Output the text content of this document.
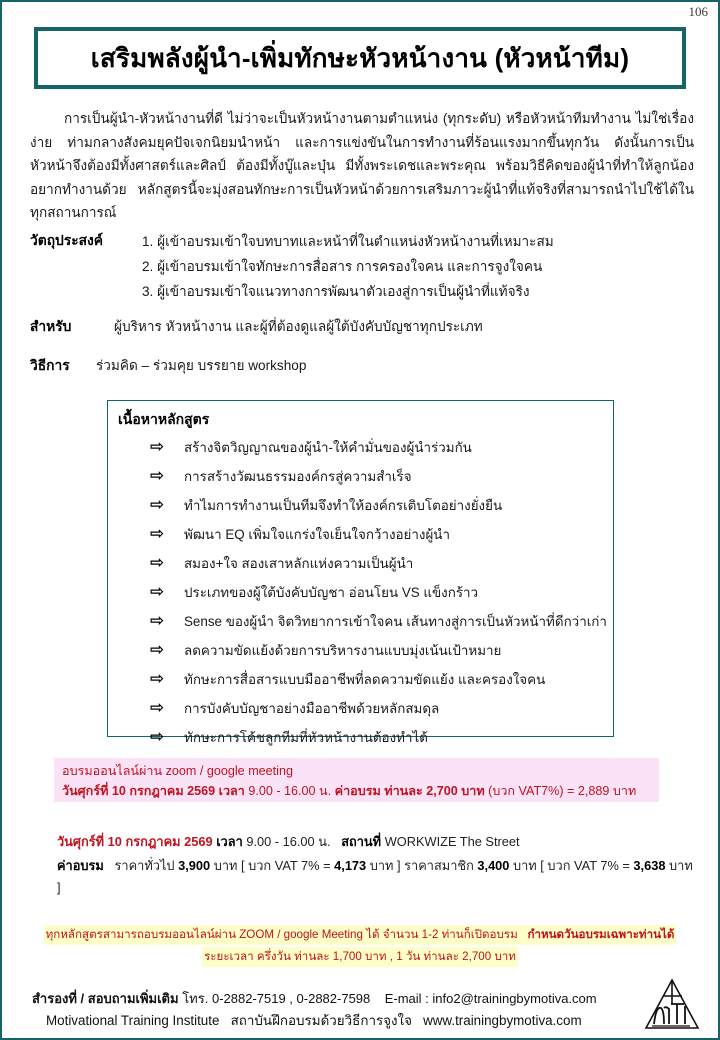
106
เสริมพลังผู้นำ-เพิ่มทักษะหัวหน้างาน (หัวหน้าทีม)
การเป็นผู้นำ-หัวหน้างานที่ดี ไม่ว่าจะเป็นหัวหน้างานตามตำแหน่ง (ทุกระดับ) หรือหัวหน้าทีมทำงาน ไม่ใช่เรื่องง่าย ท่ามกลางสังคมยุคปัจเจกนิยมนำหน้า และการแข่งขันในการทำงานที่ร้อนแรงมากขึ้นทุกวัน ดังนั้นการเป็นหัวหน้าจึงต้องมีทั้งศาสตร์และศิลป์ ต้องมีทั้งบู๊และบุ๋น มีทั้งพระเดชและพระคุณ พร้อมวิธีคิดของผู้นำที่ทำให้ลูกน้องอยากทำงานด้วย หลักสูตรนี้จะมุ่งสอนทักษะการเป็นหัวหน้าด้วยการเสริมภาวะผู้นำที่แท้จริงที่สามารถนำไปใช้ได้ในทุกสถานการณ์
วัตถุประสงค์	1. ผู้เข้าอบรมเข้าใจบทบาทและหน้าที่ในตำแหน่งหัวหน้างานที่เหมาะสม
2. ผู้เข้าอบรมเข้าใจทักษะการสื่อสาร การครองใจคน และการจูงใจคน
3. ผู้เข้าอบรมเข้าใจแนวทางการพัฒนาตัวเองสู่การเป็นผู้นำที่แท้จริง
สำหรับ	ผู้บริหาร หัวหน้างาน และผู้ที่ต้องดูแลผู้ใต้บังคับบัญชาทุกประเภท
วิธีการ	ร่วมคิด – ร่วมคุย บรรยาย workshop
เนื้อหาหลักสูตร
⇨	สร้างจิตวิญญาณของผู้นำ-ให้คำมั่นของผู้นำร่วมกัน
⇨	การสร้างวัฒนธรรมองค์กรสู่ความสำเร็จ
⇨	ทำไมการทำงานเป็นทีมจึงทำให้องค์กรเติบโตอย่างยั่งยืน
⇨	พัฒนา EQ เพิ่มใจแกร่งใจเย็นใจกว้างอย่างผู้นำ
⇨	สมอง+ใจ สองเสาหลักแห่งความเป็นผู้นำ
⇨	ประเภทของผู้ใต้บังคับบัญชา อ่อนโยน VS แข็งกร้าว
⇨	Sense ของผู้นำ จิตวิทยาการเข้าใจคน เส้นทางสู่การเป็นหัวหน้าที่ดีกว่าเก่า
⇨	ลดความขัดแย้งด้วยการบริหารงานแบบมุ่งเน้นเป้าหมาย
⇨	ทักษะการสื่อสารแบบมืออาชีพที่ลดความขัดแย้ง และครองใจคน
⇨	การบังคับบัญชาอย่างมืออาชีพด้วยหลักสมดุล
⇨	ทักษะการโค้ชลูกทีมที่หัวหน้างานต้องทำได้
อบรมออนไลน์ผ่าน zoom / google meeting
วันศุกร์ที่ 10 กรกฎาคม 2569 เวลา 9.00 - 16.00 น. ค่าอบรม ท่านละ 2,700 บาท (บวก VAT7%) = 2,889 บาท
วันศุกร์ที่ 10 กรกฎาคม 2569 เวลา 9.00 - 16.00 น. สถานที่ WORKWIZE The Street
ค่าอบรม ราคาทั่วไป 3,900 บาท [ บวก VAT 7% = 4,173 บาท ] ราคาสมาชิก 3,400 บาท [ บวก VAT 7% = 3,638 บาท ]
ทุกหลักสูตรสามารถอบรมออนไลน์ผ่าน ZOOM / google Meeting ได้ จำนวน 1-2 ท่านก็เปิดอบรม กำหนดวันอบรมเฉพาะท่านได้
ระยะเวลา ครึ่งวัน ท่านละ 1,700 บาท , 1 วัน ท่านละ 2,700 บาท
สำรองที่ / สอบถามเพิ่มเติม โทร. 0-2882-7519 , 0-2882-7598 E-mail : info2@trainingbymotiva.com
Motivational Training Institute สถาบันฝึกอบรมด้วยวิธีการจูงใจ www.trainingbymotiva.com
